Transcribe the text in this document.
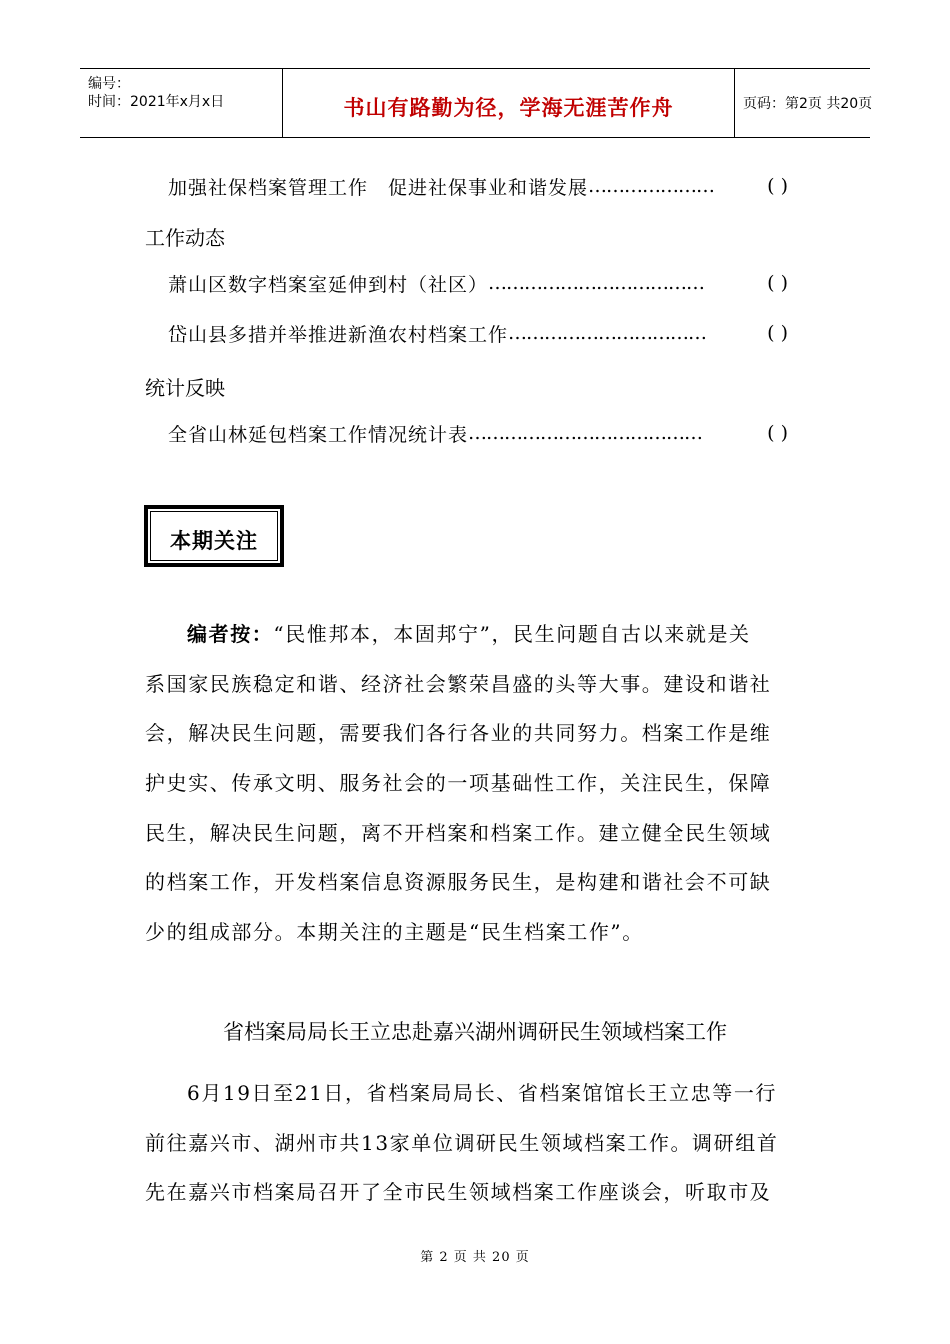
编号：
时间：2021年x月x日	书山有路勤为径，学海无涯苦作舟	页码：第2页 共20页
加强社保档案管理工作　促进社保事业和谐发展 …………………	( )
工作动态
萧山区数字档案室延伸到村（社区） ………………………………	( )
岱山县多措并举推进新渔农村档案工作 ……………………………	( )
统计反映
全省山林延包档案工作情况统计表 …………………………………	( )
本期关注
编者按：“民惟邦本，本固邦宁”，民生问题自古以来就是关
系国家民族稳定和谐、经济社会繁荣昌盛的头等大事。建设和谐社
会，解决民生问题，需要我们各行各业的共同努力。档案工作是维
护史实、传承文明、服务社会的一项基础性工作，关注民生，保障
民生，解决民生问题，离不开档案和档案工作。建立健全民生领域
的档案工作，开发档案信息资源服务民生，是构建和谐社会不可缺
少的组成部分。本期关注的主题是“民生档案工作”。
省档案局局长王立忠赴嘉兴湖州调研民生领域档案工作
6月19日至21日，省档案局局长、省档案馆馆长王立忠等一行
前往嘉兴市、湖州市共13家单位调研民生领域档案工作。调研组首
先在嘉兴市档案局召开了全市民生领域档案工作座谈会，听取市及
第 2 页 共 20 页
